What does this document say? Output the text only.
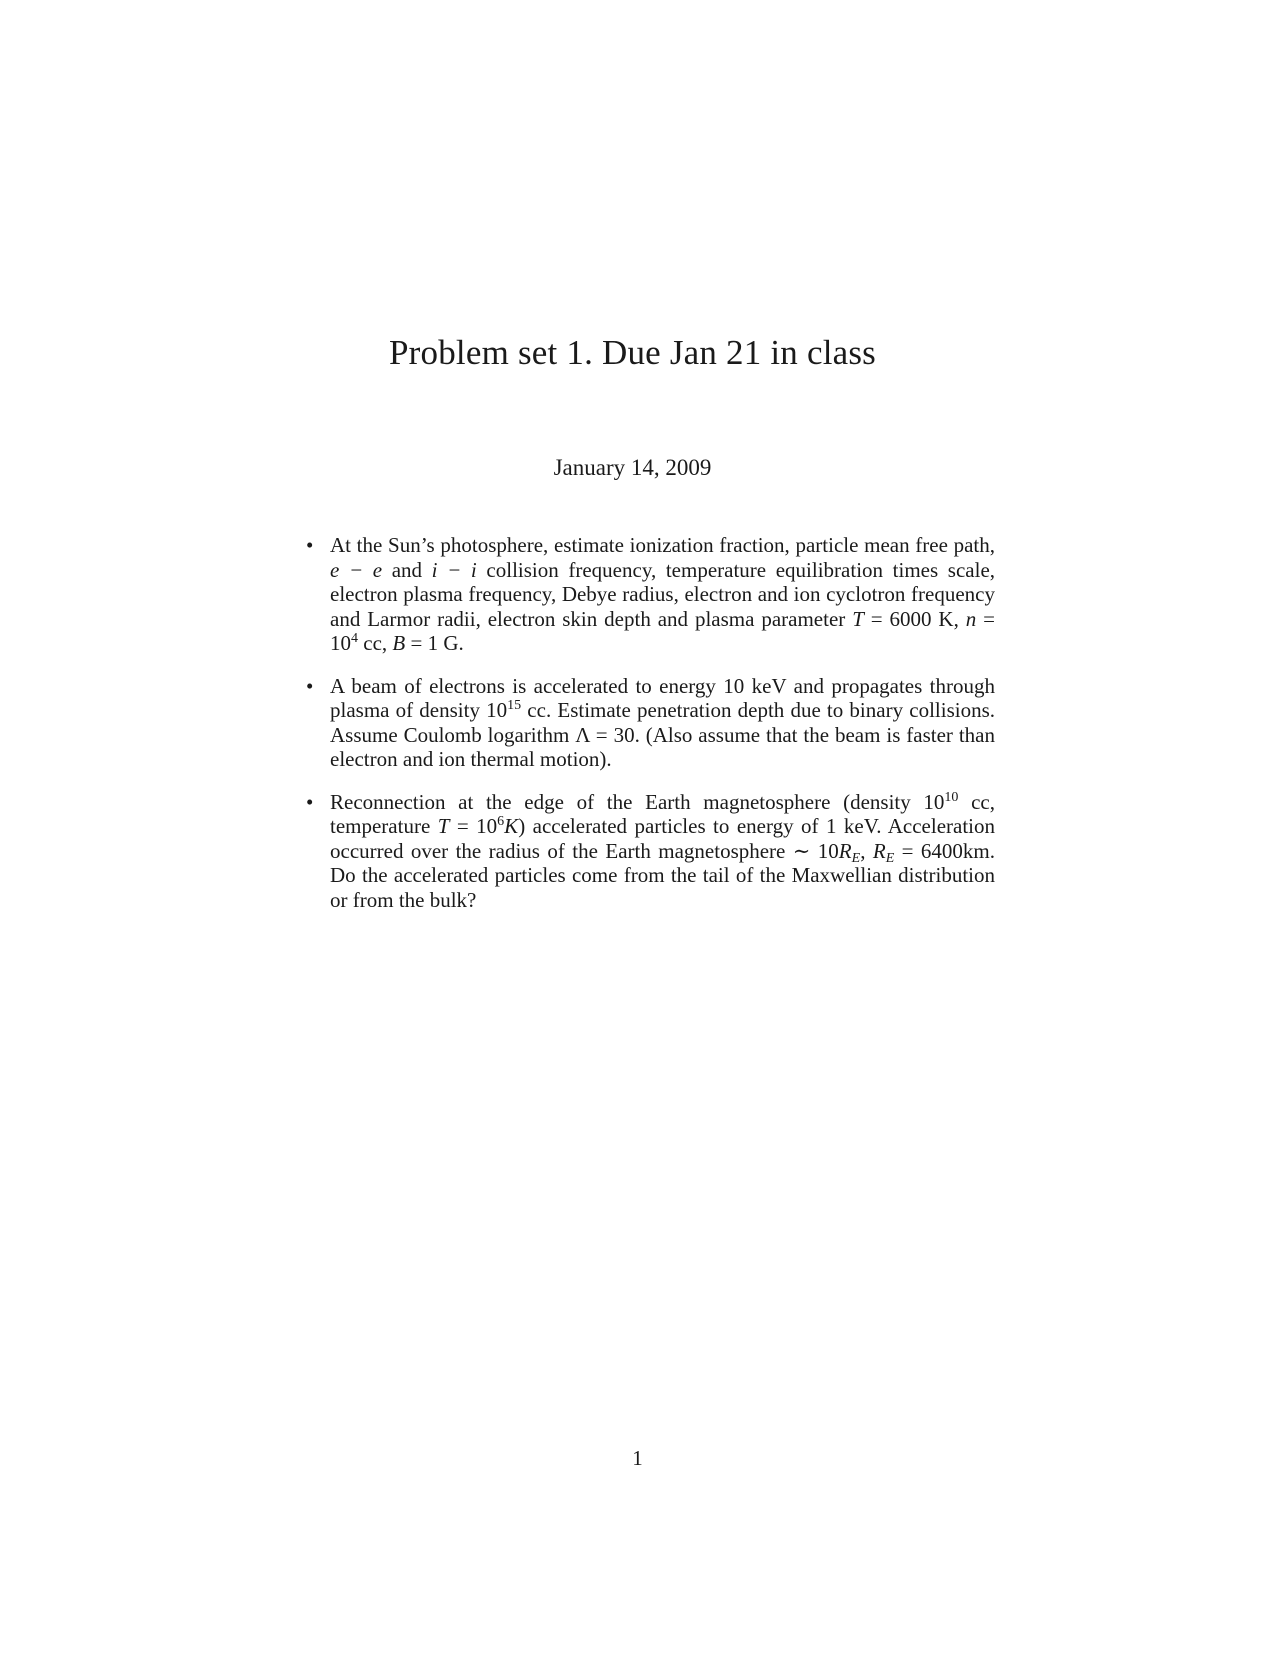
Problem set 1. Due Jan 21 in class
January 14, 2009
• At the Sun’s photosphere, estimate ionization fraction, particle mean free path, e − e and i − i collision frequency, temperature equilibration times scale, electron plasma frequency, Debye radius, electron and ion cyclotron frequency and Larmor radii, electron skin depth and plasma parameter T = 6000 K, $n = 10^4$ cc, B = 1 G.
• A beam of electrons is accelerated to energy 10 keV and propagates through plasma of density $10^{15}$ cc. Estimate penetration depth due to binary collisions. Assume Coulomb logarithm Λ = 30. (Also assume that the beam is faster than electron and ion thermal motion).
• Reconnection at the edge of the Earth magnetosphere (density $10^{10}$ cc, temperature $T = 10^6K$) accelerated particles to energy of 1 keV. Acceleration occurred over the radius of the Earth magnetosphere ∼ $10R_E$, $R_E = 6400km$. Do the accelerated particles come from the tail of the Maxwellian distribution or from the bulk?
1
